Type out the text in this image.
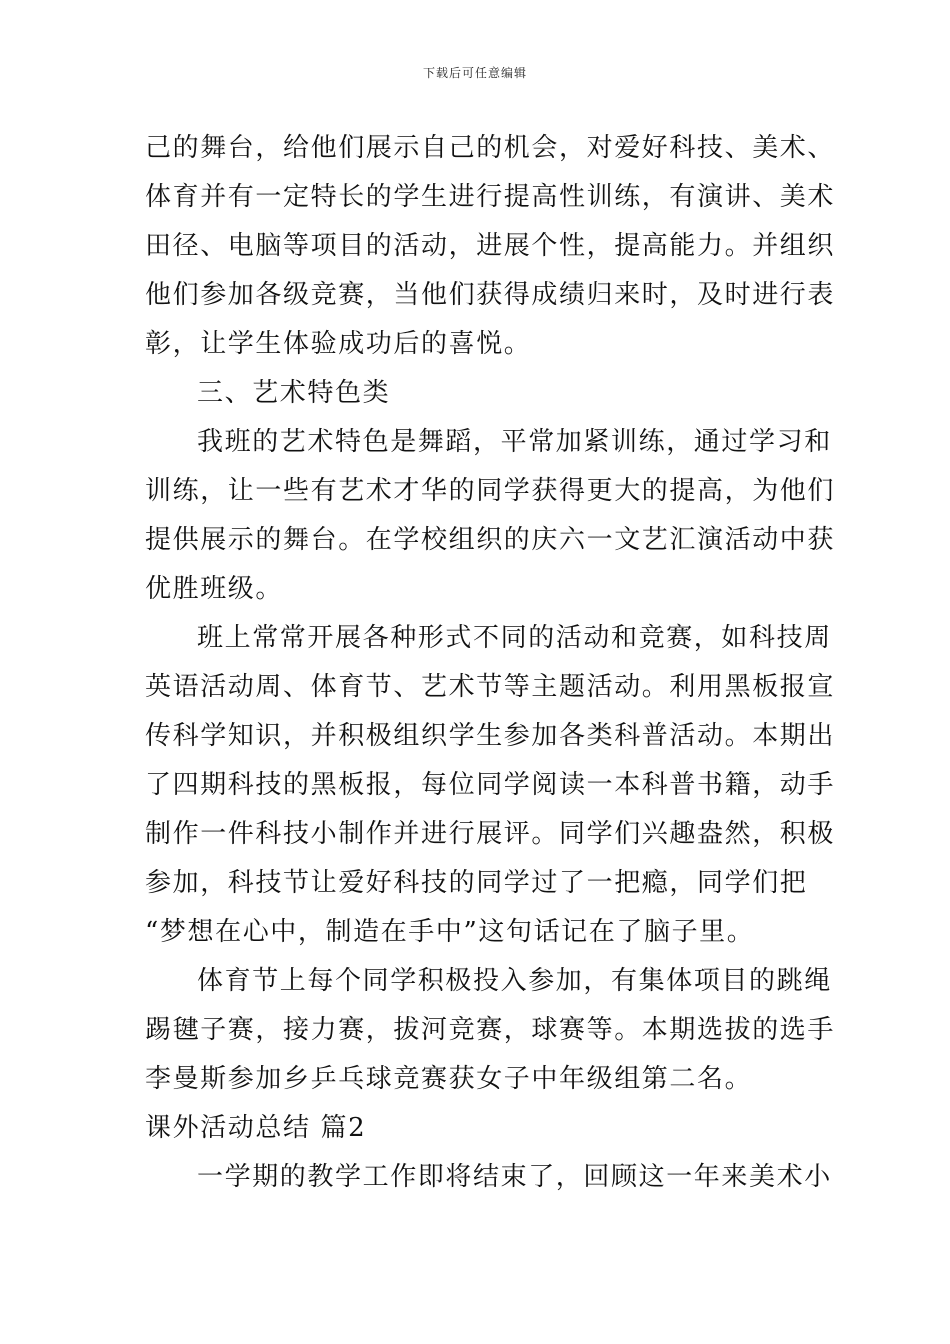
下载后可任意编辑
己的舞台，给他们展示自己的机会，对爱好科技、美术、
体育并有一定特长的学生进行提高性训练，有演讲、美术
田径、电脑等项目的活动，进展个性，提高能力。并组织
他们参加各级竞赛，当他们获得成绩归来时，及时进行表
彰，让学生体验成功后的喜悦。
三、艺术特色类
我班的艺术特色是舞蹈，平常加紧训练，通过学习和
训练，让一些有艺术才华的同学获得更大的提高，为他们
提供展示的舞台。在学校组织的庆六一文艺汇演活动中获
优胜班级。
班上常常开展各种形式不同的活动和竞赛，如科技周
英语活动周、体育节、艺术节等主题活动。利用黑板报宣
传科学知识，并积极组织学生参加各类科普活动。本期出
了四期科技的黑板报，每位同学阅读一本科普书籍，动手
制作一件科技小制作并进行展评。同学们兴趣盎然，积极
参加，科技节让爱好科技的同学过了一把瘾，同学们把
“梦想在心中，制造在手中”这句话记在了脑子里。
体育节上每个同学积极投入参加，有集体项目的跳绳
踢毽子赛，接力赛，拔河竞赛，球赛等。本期选拔的选手
李曼斯参加乡乒乓球竞赛获女子中年级组第二名。
课外活动总结 篇2
一学期的教学工作即将结束了，回顾这一年来美术小
